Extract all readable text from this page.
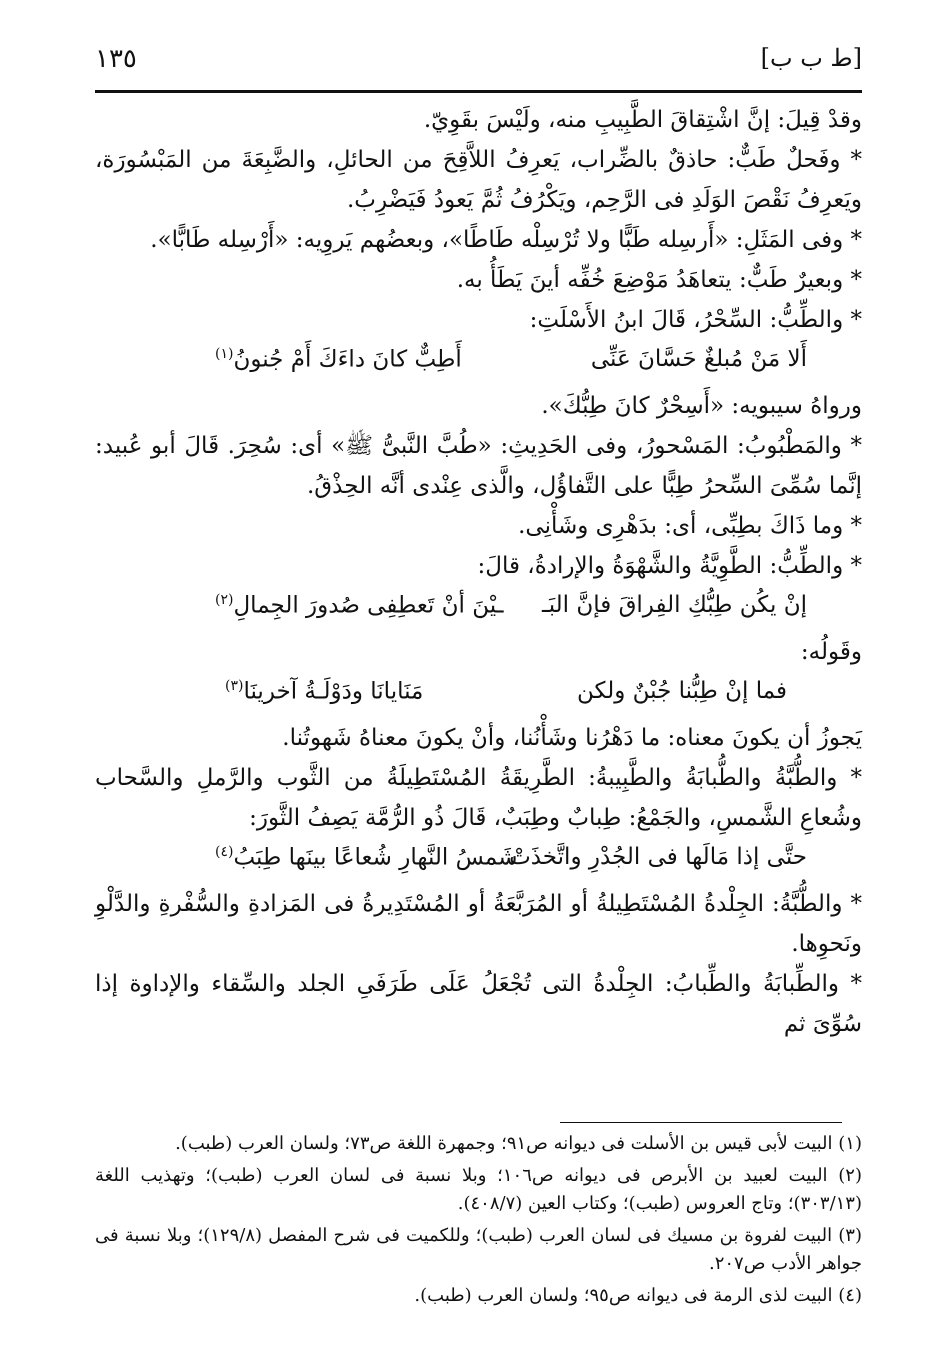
[ط ب ب]
١٣٥

وقدْ قِيلَ: إنَّ اشْتِقاقَ الطَّبِيبِ منه، ولَيْسَ بقَوِيّ.

* وفَحلٌ طَبٌّ: حاذقٌ بالضِّراب، يَعرِفُ اللاَّقِحَ من الحائلِ، والضَّبِعَةَ من المَبْسُورَة، ويَعرِفُ نَقْصَ الوَلَدِ فى الرَّحِم، ويَكْرُفُ ثُمَّ يَعودُ فَيَضْرِبُ.

* وفى المَثَلِ: «أَرسِله طَبًّا ولا تُرْسِلْه طَاطًا»، وبعضُهم يَروِيه: «أَرْسِله طَابًّا».

* وبعيرٌ طَبٌّ: يتعاهَدُ مَوْضِعَ خُفِّه أينَ يَطَأُ به.

* والطِّبُّ: السِّحْرُ، قَالَ ابنُ الأَسْلَتِ:

أَلا مَنْ مُبلغٌ حَسَّانَ عَنِّى
أَطِبٌّ كانَ داءَكَ أَمْ جُنونُ$^{(١)}$

ورواهُ سيبويه: «أَسِحْرٌ كانَ طِبُّكَ».

* والمَطْبُوبُ: المَسْحورُ، وفى الحَدِيثِ: «طُبَّ النَّبىُّ ﷺ» أى: سُحِرَ. قَالَ أبو عُبيد: إنَّما سُمِّىَ السِّحرُ طِبًّا على التَّفاؤُل، والَّذى عِنْدى أنَّه الحِذْقُ.

* وما ذَاكَ بطِبِّى، أى: بدَهْرِى وشَأْنِى.

* والطِّبُّ: الطَّوِيَّةُ والشَّهْوَةُ والإرادةُ، قالَ:

إنْ يكُن طِبُّكِ الفِراقَ فإنَّ البَـ
ـيْنَ أنْ تَعطِفِى صُدورَ الجِمالِ$^{(٢)}$

وقَولُه:

فما إنْ طِبُّنا جُبْنٌ ولكن
مَنَايانَا ودَوْلَـةُ آخرينَا$^{(٣)}$

يَجوزُ أن يكونَ معناه: ما دَهْرُنا وشَأْنُنا، وأنْ يكونَ معناهُ شَهوتُنا.

* والطُّبَّةُ والطُّبابَةُ والطَّبِيبةُ: الطَّرِيقَةُ المُسْتَطِيلَةُ من الثَّوب والرَّملِ والسَّحاب وشُعاعِ الشَّمسِ، والجَمْعُ: طِبابٌ وطِبَبٌ، قَالَ ذُو الرُّمَّة يَصِفُ الثَّورَ:

حتَّى إذا مَالَها فى الجُدْرِ واتَّخذَتْ
شَمسُ النَّهارِ شُعاعًا بينَها طِبَبُ$^{(٤)}$

* والطُّبَّةُ: الجِلْدةُ المُسْتَطِيلةُ أو المُرَبَّعَةُ أو المُسْتَدِيرةُ فى المَزادةِ والسُّفْرةِ والدَّلْوِ ونَحوِها.

* والطِّبابَةُ والطِّبابُ: الجِلْدةُ التى تُجْعَلُ عَلَى طَرَفَىِ الجلد والسِّقاء والإداوة إذا سُوِّىَ ثم

(١) البيت لأبى قيس بن الأسلت فى ديوانه ص٩١؛ وجمهرة اللغة ص٧٣؛ ولسان العرب (طبب).

(٢) البيت لعبيد بن الأبرص فى ديوانه ص١٠٦؛ وبلا نسبة فى لسان العرب (طبب)؛ وتهذيب اللغة (٣٠٣/١٣)؛ وتاج العروس (طبب)؛ وكتاب العين (٤٠٨/٧).

(٣) البيت لفروة بن مسيك فى لسان العرب (طبب)؛ وللكميت فى شرح المفصل (١٢٩/٨)؛ وبلا نسبة فى جواهر الأدب ص٢٠٧.

(٤) البيت لذى الرمة فى ديوانه ص٩٥؛ ولسان العرب (طبب).
